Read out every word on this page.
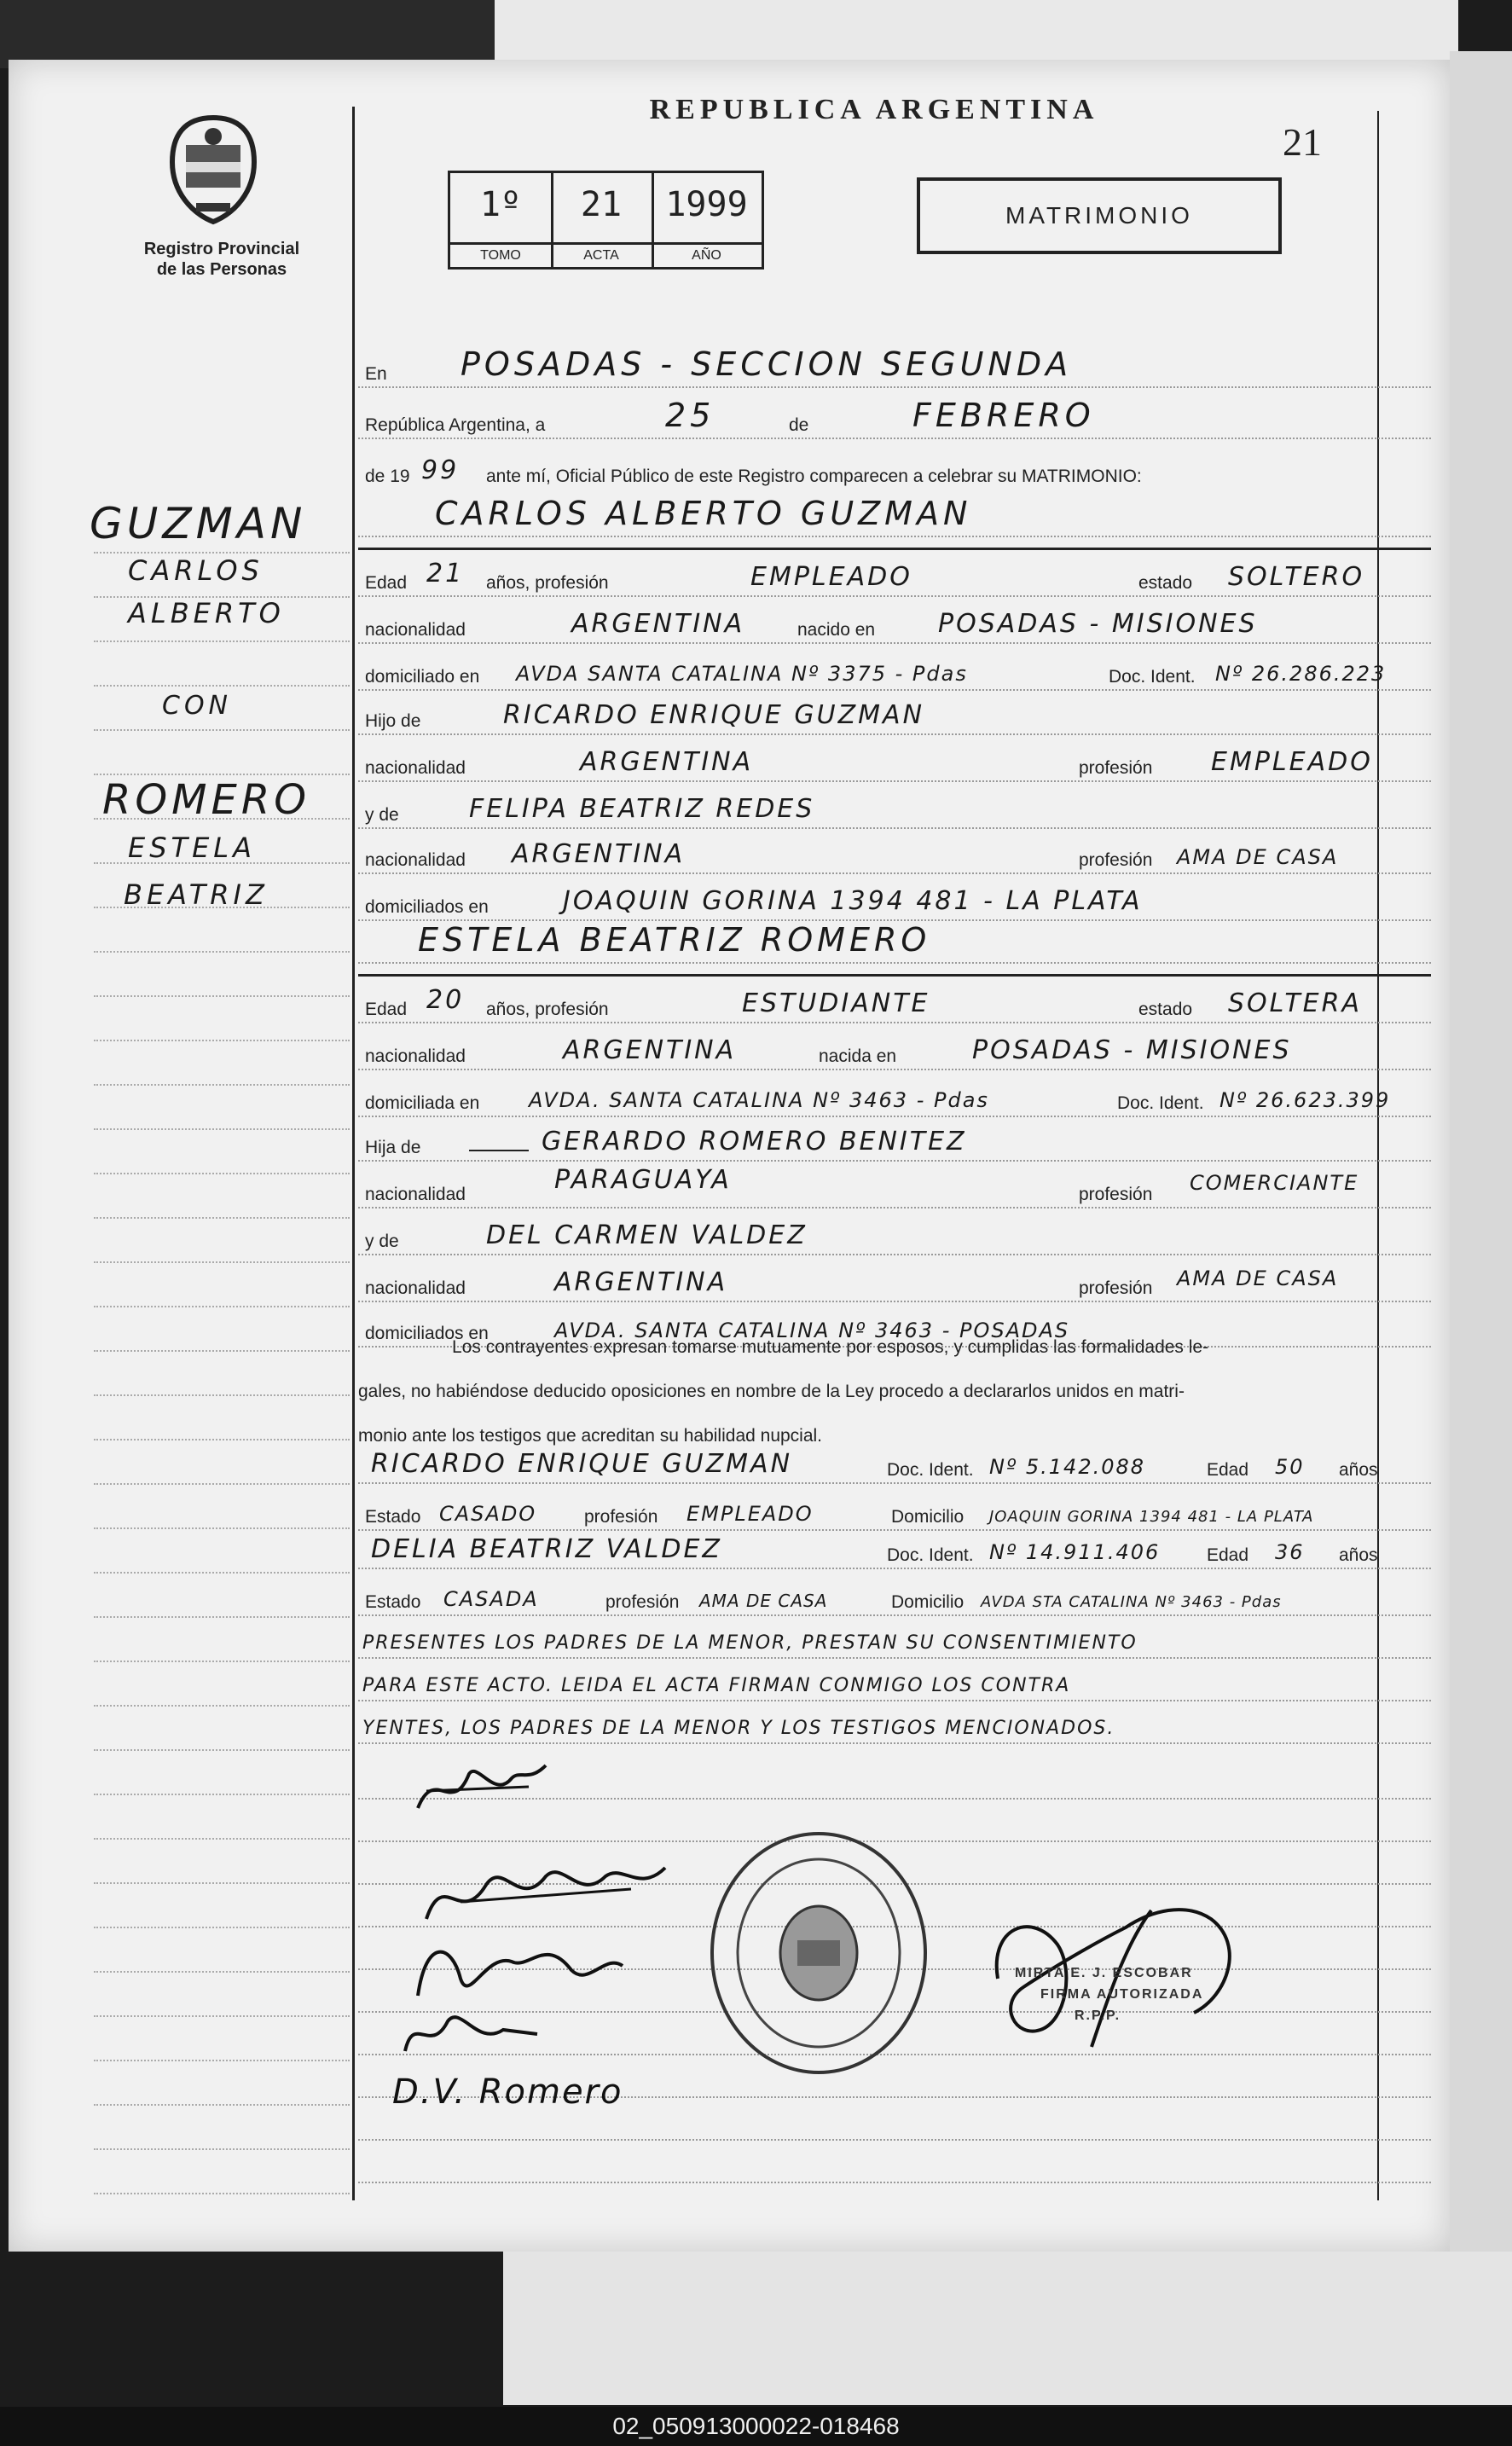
21
REPUBLICA ARGENTINA
Registro Provincial
de las Personas
1º
TOMO
21
ACTA
1999
AÑO
MATRIMONIO
En POSADAS - SECCION SEGUNDA
República Argentina, a	25	de	FEBRERO
de 19 99 ante mí, Oficial Público de este Registro comparecen a celebrar su MATRIMONIO:
CARLOS ALBERTO GUZMAN
Edad 21 años, profesión	EMPLEADO	estado SOLTERO
nacionalidad	ARGENTINA	nacido en POSADAS - MISIONES
domiciliado en AVDA SANTA CATALINA Nº 3375 - Pdas	Doc. Ident. Nº 26.286.223
Hijo de	RICARDO ENRIQUE GUZMAN
nacionalidad	ARGENTINA	profesión EMPLEADO
y de	FELIPA BEATRIZ REDES
nacionalidad ARGENTINA	profesión AMA DE CASA
domiciliados en	JOAQUIN GORINA 1394 481 - LA PLATA
ESTELA BEATRIZ ROMERO
Edad 20 años, profesión	ESTUDIANTE	estado SOLTERA
nacionalidad	ARGENTINA	nacida en	POSADAS - MISIONES
domiciliada en AVDA. SANTA CATALINA Nº 3463 - Pdas	Doc. Ident. Nº 26.623.399
Hija de	GERARDO ROMERO BENITEZ
nacionalidad	PARAGUAYA	profesión COMERCIANTE
y de	DEL CARMEN VALDEZ
nacionalidad	ARGENTINA	profesión AMA DE CASA
domiciliados en	AVDA. SANTA CATALINA Nº 3463 - POSADAS
Los contrayentes expresan tomarse mutuamente por esposos, y cumplidas las formalidades le-
gales, no habiéndose deducido oposiciones en nombre de la Ley procedo a declararlos unidos en matri-
monio ante los testigos que acreditan su habilidad nupcial.
RICARDO ENRIQUE GUZMAN	Doc. Ident. Nº 5.142.088	Edad 50 años
Estado CASADO	profesión EMPLEADO	Domicilio JOAQUIN GORINA 1394 481 - LA PLATA
DELIA BEATRIZ VALDEZ	Doc. Ident. Nº 14.911.406	Edad 36 años
Estado CASADA	profesión AMA DE CASA	Domicilio AVDA STA CATALINA Nº 3463 - Pdas
PRESENTES LOS PADRES DE LA MENOR, PRESTAN SU CONSENTIMIENTO
PARA ESTE ACTO. LEIDA EL ACTA FIRMAN CONMIGO LOS CONTRA
YENTES, LOS PADRES DE LA MENOR Y LOS TESTIGOS MENCIONADOS.
D.V. Romero
MIRTA E. J. ESCOBAR
FIRMA AUTORIZADA
R.P.P.
GUZMAN
CARLOS
ALBERTO
CON
ROMERO
ESTELA
BEATRIZ
02_050913000022-018468
